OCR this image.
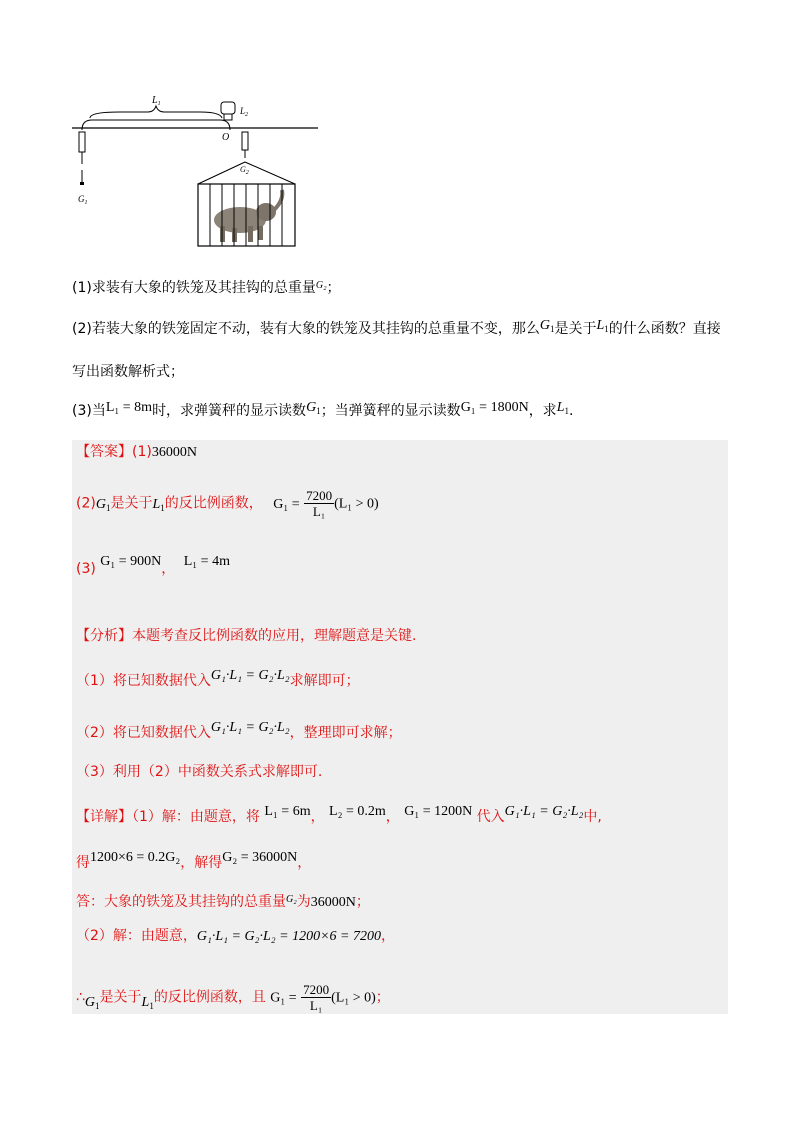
$L_1$
$L_2$
O
$G_1$
$G_2$
(1)求装有大象的铁笼及其挂钩的总重量$^{G_2}$；
(2)若装大象的铁笼固定不动，装有大象的铁笼及其挂钩的总重量不变，那么$G_1$是关于$L_1$的什么函数？直接
写出函数解析式；
(3)当L₁ = 8m时，求弹簧秤的显示读数$G_1$；当弹簧秤的显示读数G₁ = 1800N，求$L_1$.
【答案】(1)36000N
$(2)G_1$是关于$L_1$的反比例函数， $G_1 = \frac{7200}{\text{L₁}} (L_1 > 0)$
(3) G₁ = 900N， L₁ = 4m
【分析】本题考查反比例函数的应用，理解题意是关键.
（1）将已知数据代入G₁·L₁ = G₂·L₂求解即可；
（2）将已知数据代入G₁·L₁ = G₂·L₂，整理即可求解；
（3）利用（2）中函数关系式求解即可.
【详解】（1）解：由题意，将 L₁ = 6m， L₂ = 0.2m， G₁ = 1200N 代入G₁·L₁ = G₂·L₂中,
得1200×6 = 0.2G₂，解得G₂ = 36000N，
答：大象的铁笼及其挂钩的总重量$^{G_2}$为36000N；
（2）解：由题意，G₁·L₁ = G₂·L₂ = 1200×6 = 7200，
$\therefore G_1$是关于$L_1$的反比例函数，且 $G_1 = \frac{7200}{\text{L₁}} (L_1 > 0)$；
